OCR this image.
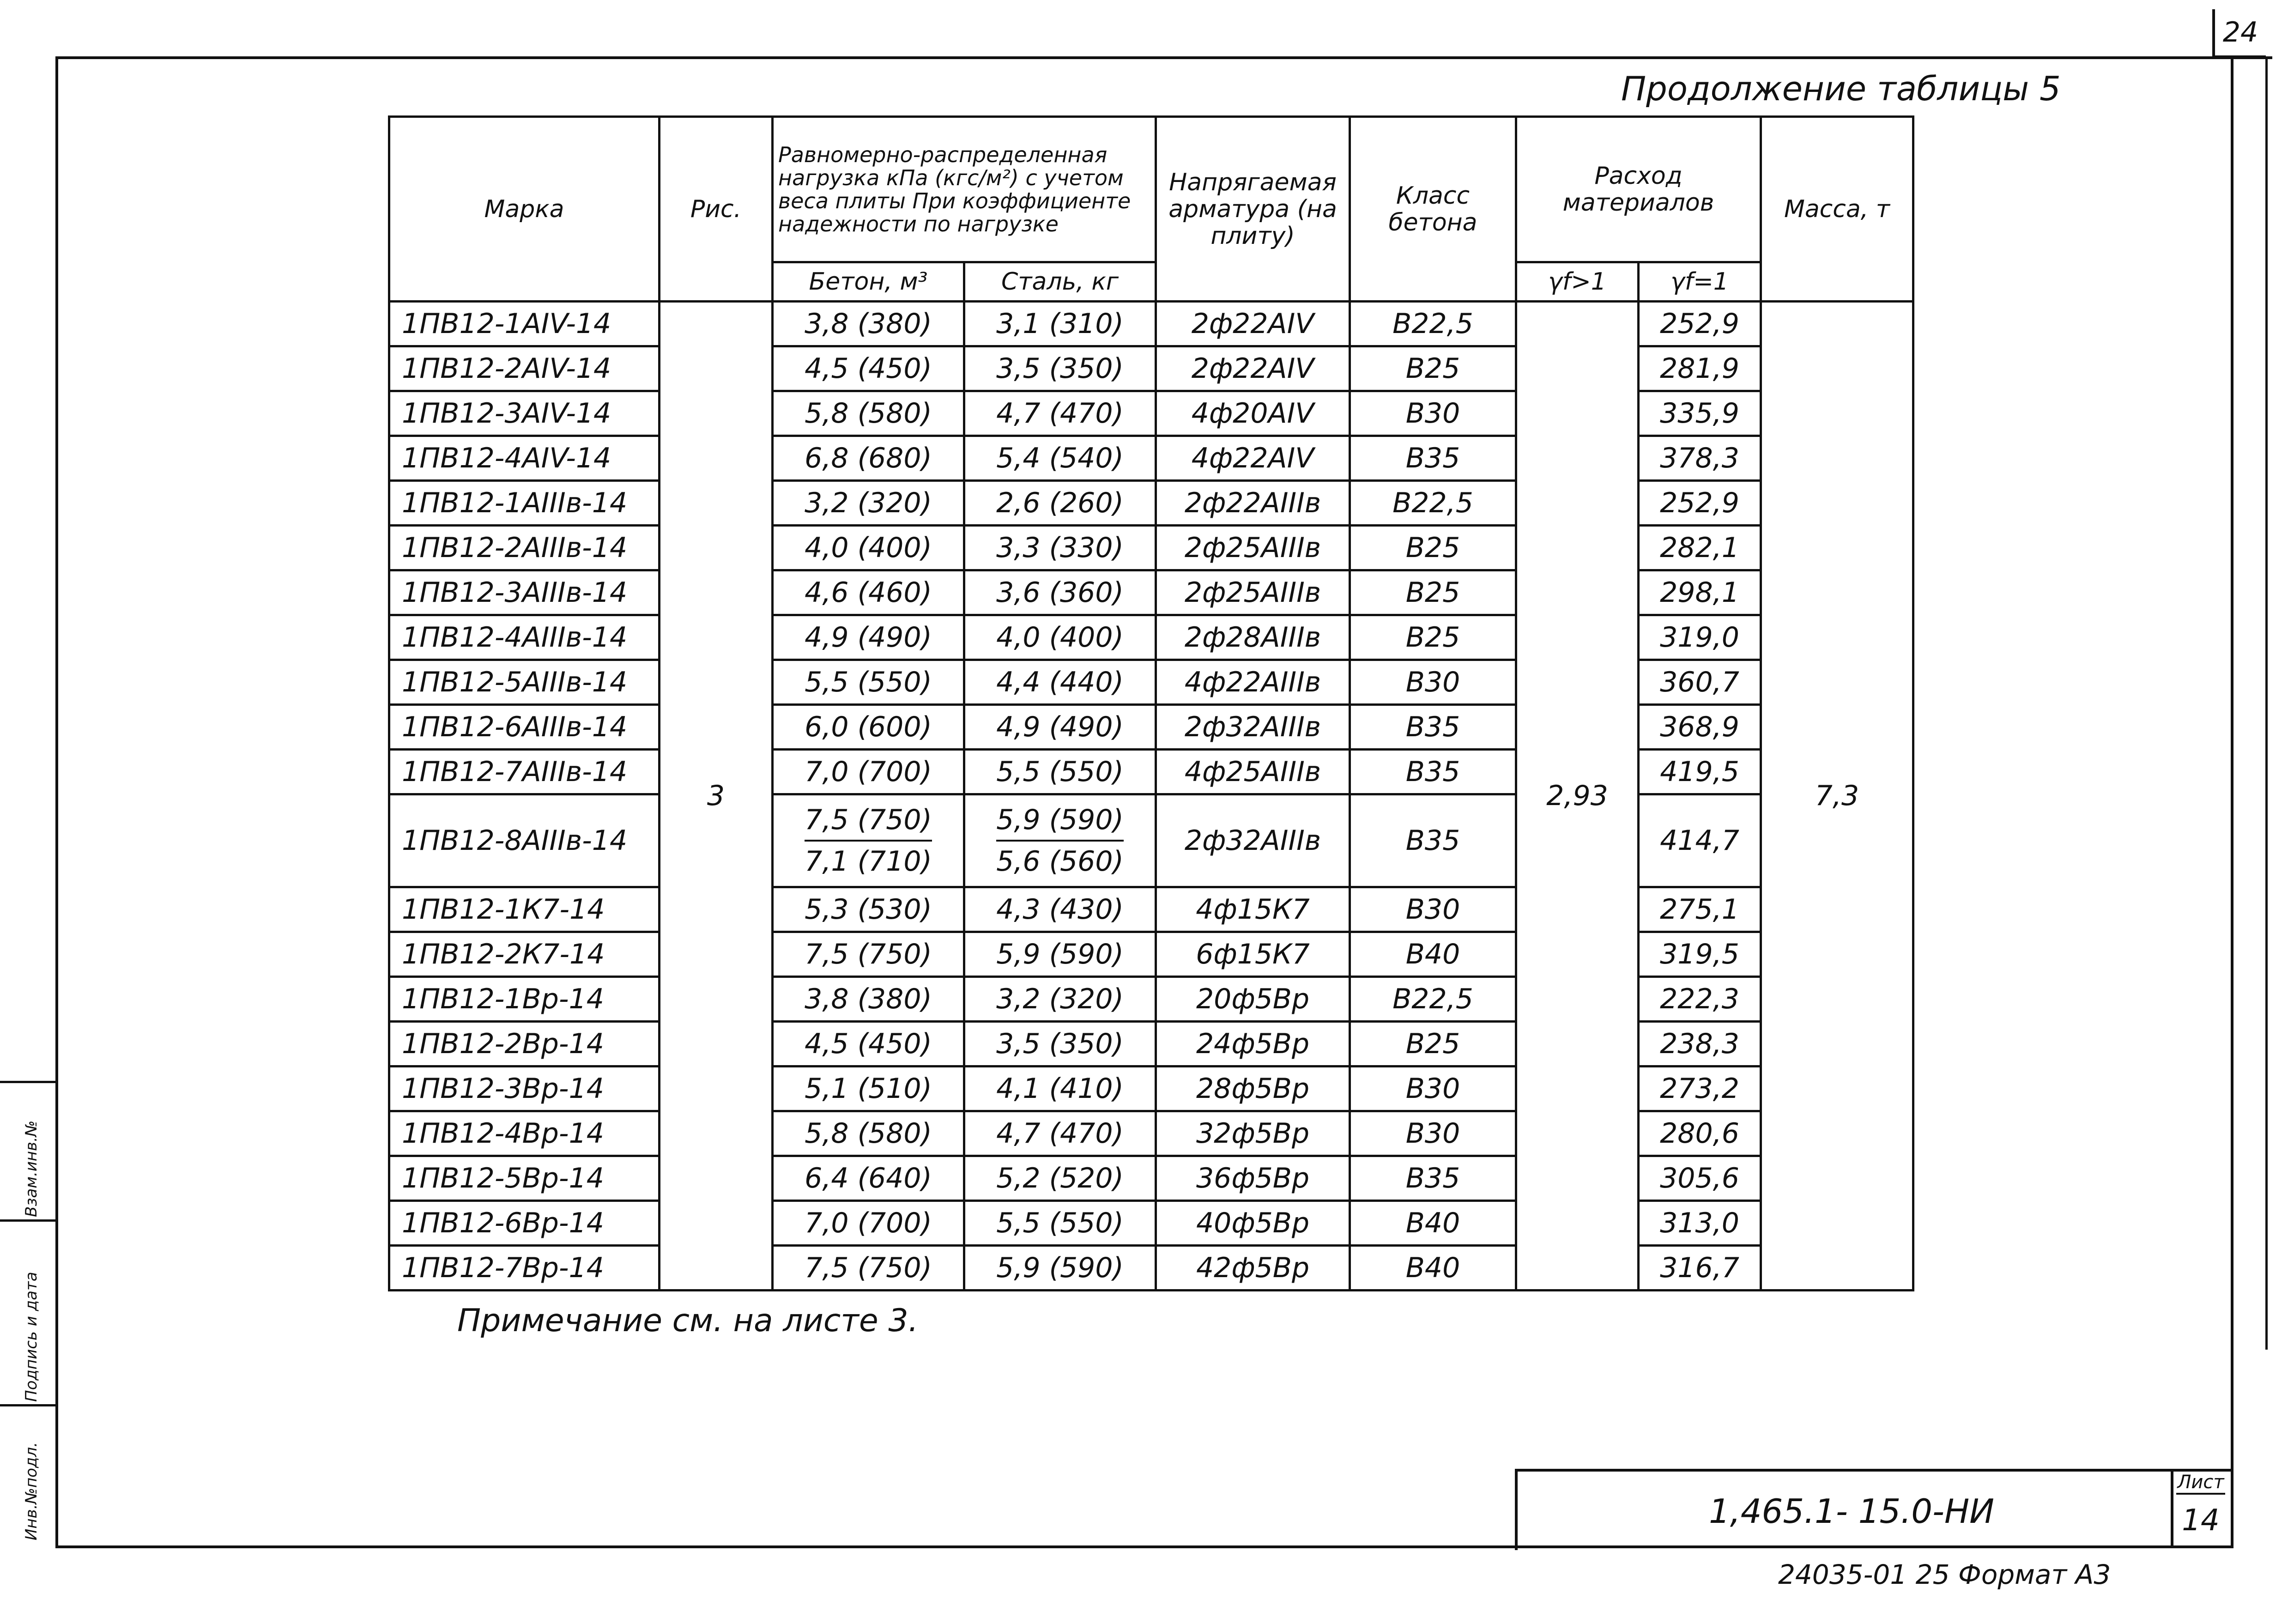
24
Продолжение таблицы 5
Марка	Рис.	Равномерно-распределенная нагрузка кПа (кгс/м²) с учетом веса плиты При коэффициенте надежности по нагрузке		Напрягаемая арматура (на плиту)	Класс бетона	Расход материалов		Масса, т
		Бетон, м³	Сталь, кг					
						γf>1	γf=1	
1ПВ12-1АIV-14	3	3,8 (380)	3,1 (310)	2ф22АIV	В22,5	2,93	252,9	7,3
1ПВ12-2АIV-14		4,5 (450)	3,5 (350)	2ф22АIV	В25		281,9	
1ПВ12-3АIV-14		5,8 (580)	4,7 (470)	4ф20АIV	В30		335,9	
1ПВ12-4АIV-14		6,8 (680)	5,4 (540)	4ф22АIV	В35		378,3	
1ПВ12-1АIIIв-14		3,2 (320)	2,6 (260)	2ф22АIIIв	В22,5		252,9	
1ПВ12-2АIIIв-14		4,0 (400)	3,3 (330)	2ф25АIIIв	В25		282,1	
1ПВ12-3АIIIв-14		4,6 (460)	3,6 (360)	2ф25АIIIв	В25		298,1	
1ПВ12-4АIIIв-14		4,9 (490)	4,0 (400)	2ф28АIIIв	В25		319,0	
1ПВ12-5АIIIв-14		5,5 (550)	4,4 (440)	4ф22АIIIв	В30		360,7	
1ПВ12-6АIIIв-14		6,0 (600)	4,9 (490)	2ф32АIIIв	В35		368,9	
1ПВ12-7АIIIв-14		7,0 (700)	5,5 (550)	4ф25АIIIв	В35		419,5	
1ПВ12-8АIIIв-14		$\frac{7,5 (750)}{7,1 (710)}$	$\frac{5,9 (590)}{5,6 (560)}$	2ф32АIIIв	В35		414,7	
1ПВ12-1К7-14		5,3 (530)	4,3 (430)	4ф15К7	В30		275,1	
1ПВ12-2К7-14		7,5 (750)	5,9 (590)	6ф15К7	В40		319,5	
1ПВ12-1Вр-14		3,8 (380)	3,2 (320)	20ф5Вр	В22,5		222,3	
1ПВ12-2Вр-14		4,5 (450)	3,5 (350)	24ф5Вр	В25		238,3	
1ПВ12-3Вр-14		5,1 (510)	4,1 (410)	28ф5Вр	В30		273,2	
1ПВ12-4Вр-14		5,8 (580)	4,7 (470)	32ф5Вр	В30		280,6	
1ПВ12-5Вр-14		6,4 (640)	5,2 (520)	36ф5Вр	В35		305,6	
1ПВ12-6Вр-14		7,0 (700)	5,5 (550)	40ф5Вр	В40		313,0	
1ПВ12-7Вр-14		7,5 (750)	5,9 (590)	42ф5Вр	В40		316,7	
Примечание см. на листе 3.
1,465.1- 15.0-НИ
Лист
14
24035-01 25 Формат А3
Взам.инв.№
Подпись и дата
Инв.№подл.
